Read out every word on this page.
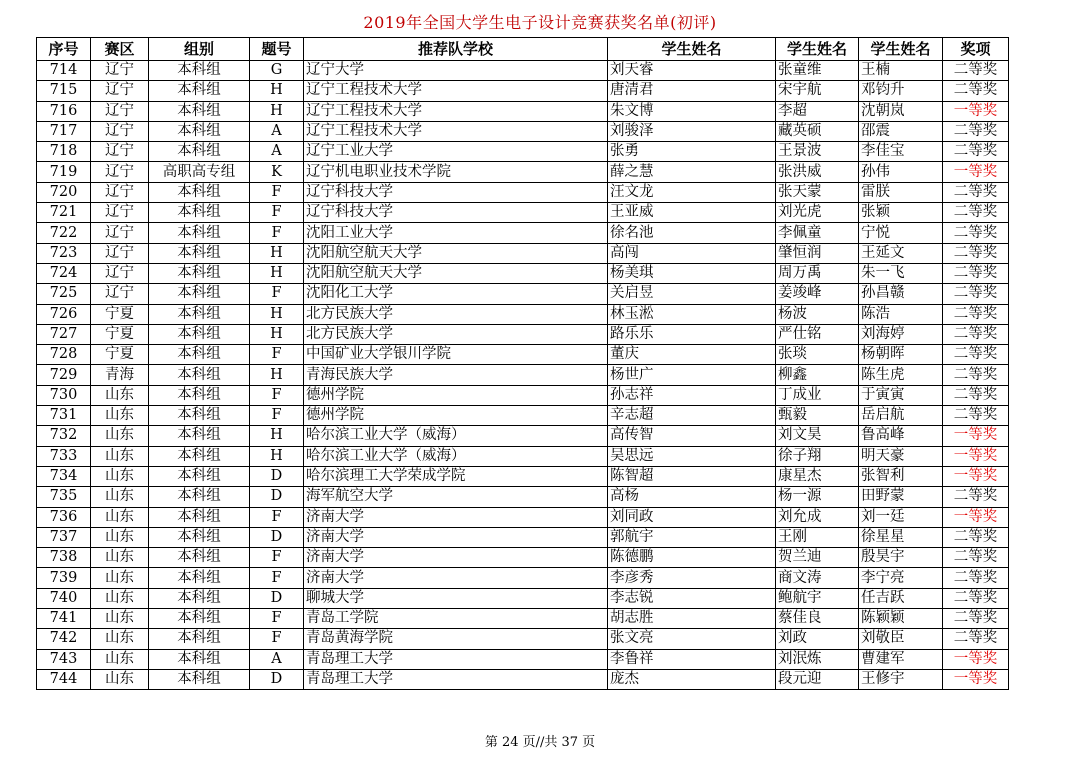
2019年全国大学生电子设计竞赛获奖名单(初评)
序号	赛区	组别	题号	推荐队学校	学生姓名	学生姓名	学生姓名	奖项
714	辽宁	本科组	G	辽宁大学	刘天睿	张童维	王楠	二等奖
715	辽宁	本科组	H	辽宁工程技术大学	唐清君	宋宇航	邓钧升	二等奖
716	辽宁	本科组	H	辽宁工程技术大学	朱文博	李超	沈朝岚	一等奖
717	辽宁	本科组	A	辽宁工程技术大学	刘骏泽	藏英硕	邵震	二等奖
718	辽宁	本科组	A	辽宁工业大学	张勇	王景波	李佳宝	二等奖
719	辽宁	高职高专组	K	辽宁机电职业技术学院	薛之慧	张洪威	孙伟	一等奖
720	辽宁	本科组	F	辽宁科技大学	汪文龙	张天蒙	雷朕	二等奖
721	辽宁	本科组	F	辽宁科技大学	王亚威	刘光虎	张颖	二等奖
722	辽宁	本科组	F	沈阳工业大学	徐名池	李佩童	宁悦	二等奖
723	辽宁	本科组	H	沈阳航空航天大学	高闯	肇恒润	王延文	二等奖
724	辽宁	本科组	H	沈阳航空航天大学	杨美琪	周万禹	朱一飞	二等奖
725	辽宁	本科组	F	沈阳化工大学	关启昱	姜竣峰	孙昌赣	二等奖
726	宁夏	本科组	H	北方民族大学	林玉淞	杨波	陈浩	二等奖
727	宁夏	本科组	H	北方民族大学	路乐乐	严仕铭	刘海婷	二等奖
728	宁夏	本科组	F	中国矿业大学银川学院	董庆	张琰	杨朝晖	二等奖
729	青海	本科组	H	青海民族大学	杨世广	柳鑫	陈生虎	二等奖
730	山东	本科组	F	德州学院	孙志祥	丁成业	于寅寅	二等奖
731	山东	本科组	F	德州学院	辛志超	甄毅	岳启航	二等奖
732	山东	本科组	H	哈尔滨工业大学（威海）	高传智	刘文昊	鲁高峰	一等奖
733	山东	本科组	H	哈尔滨工业大学（威海）	吴思远	徐子翔	明天豪	一等奖
734	山东	本科组	D	哈尔滨理工大学荣成学院	陈智超	康星杰	张智利	一等奖
735	山东	本科组	D	海军航空大学	高杨	杨一源	田野蒙	二等奖
736	山东	本科组	F	济南大学	刘同政	刘允成	刘一廷	一等奖
737	山东	本科组	D	济南大学	郭航宇	王刚	徐星星	二等奖
738	山东	本科组	F	济南大学	陈德鹏	贺兰迪	殷昊宇	二等奖
739	山东	本科组	F	济南大学	李彦秀	商文涛	李宁亮	二等奖
740	山东	本科组	D	聊城大学	李志锐	鲍航宇	任吉跃	二等奖
741	山东	本科组	F	青岛工学院	胡志胜	蔡佳良	陈颖颖	二等奖
742	山东	本科组	F	青岛黄海学院	张文亮	刘政	刘敬臣	二等奖
743	山东	本科组	A	青岛理工大学	李鲁祥	刘泯炼	曹建军	一等奖
744	山东	本科组	D	青岛理工大学	庞杰	段元迎	王修宇	一等奖
第 24 页//共 37 页
